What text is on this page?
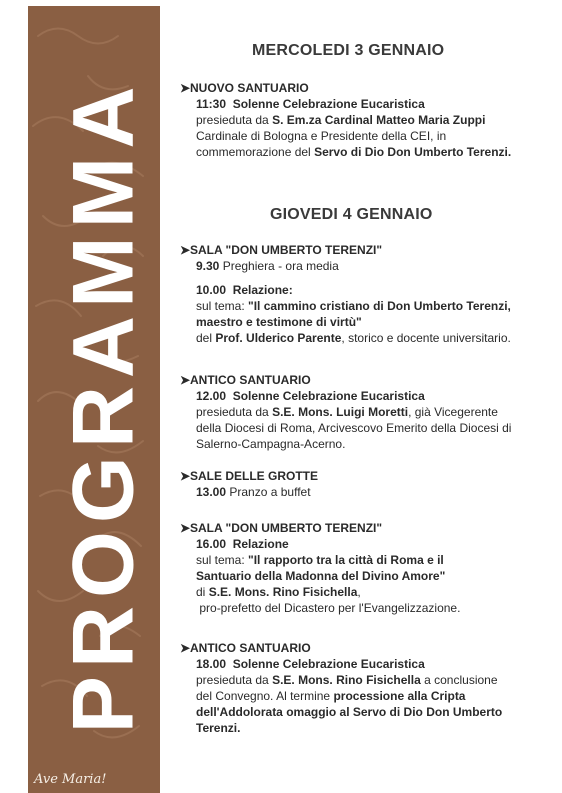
PROGRAMMA
Ave Maria!
MERCOLEDI 3 GENNAIO
➤NUOVO SANTUARIO
11:30 Solenne Celebrazione Eucaristica
presieduta da S. Em.za Cardinal Matteo Maria Zuppi
Cardinale di Bologna e Presidente della CEI, in
commemorazione del Servo di Dio Don Umberto Terenzi.
GIOVEDI 4 GENNAIO
➤SALA "DON UMBERTO TERENZI"
9.30 Preghiera - ora media
10.00 Relazione:
sul tema: "Il cammino cristiano di Don Umberto Terenzi,
maestro e testimone di virtù"
del Prof. Ulderico Parente, storico e docente universitario.
➤ANTICO SANTUARIO
12.00 Solenne Celebrazione Eucaristica
presieduta da S.E. Mons. Luigi Moretti, già Vicegerente
della Diocesi di Roma, Arcivescovo Emerito della Diocesi di
Salerno-Campagna-Acerno.
➤SALE DELLE GROTTE
13.00 Pranzo a buffet
➤SALA "DON UMBERTO TERENZI"
16.00 Relazione
sul tema: "Il rapporto tra la città di Roma e il
Santuario della Madonna del Divino Amore"
di S.E. Mons. Rino Fisichella,
pro-prefetto del Dicastero per l'Evangelizzazione.
➤ANTICO SANTUARIO
18.00 Solenne Celebrazione Eucaristica
presieduta da S.E. Mons. Rino Fisichella a conclusione
del Convegno. Al termine processione alla Cripta
dell'Addolorata omaggio al Servo di Dio Don Umberto
Terenzi.
